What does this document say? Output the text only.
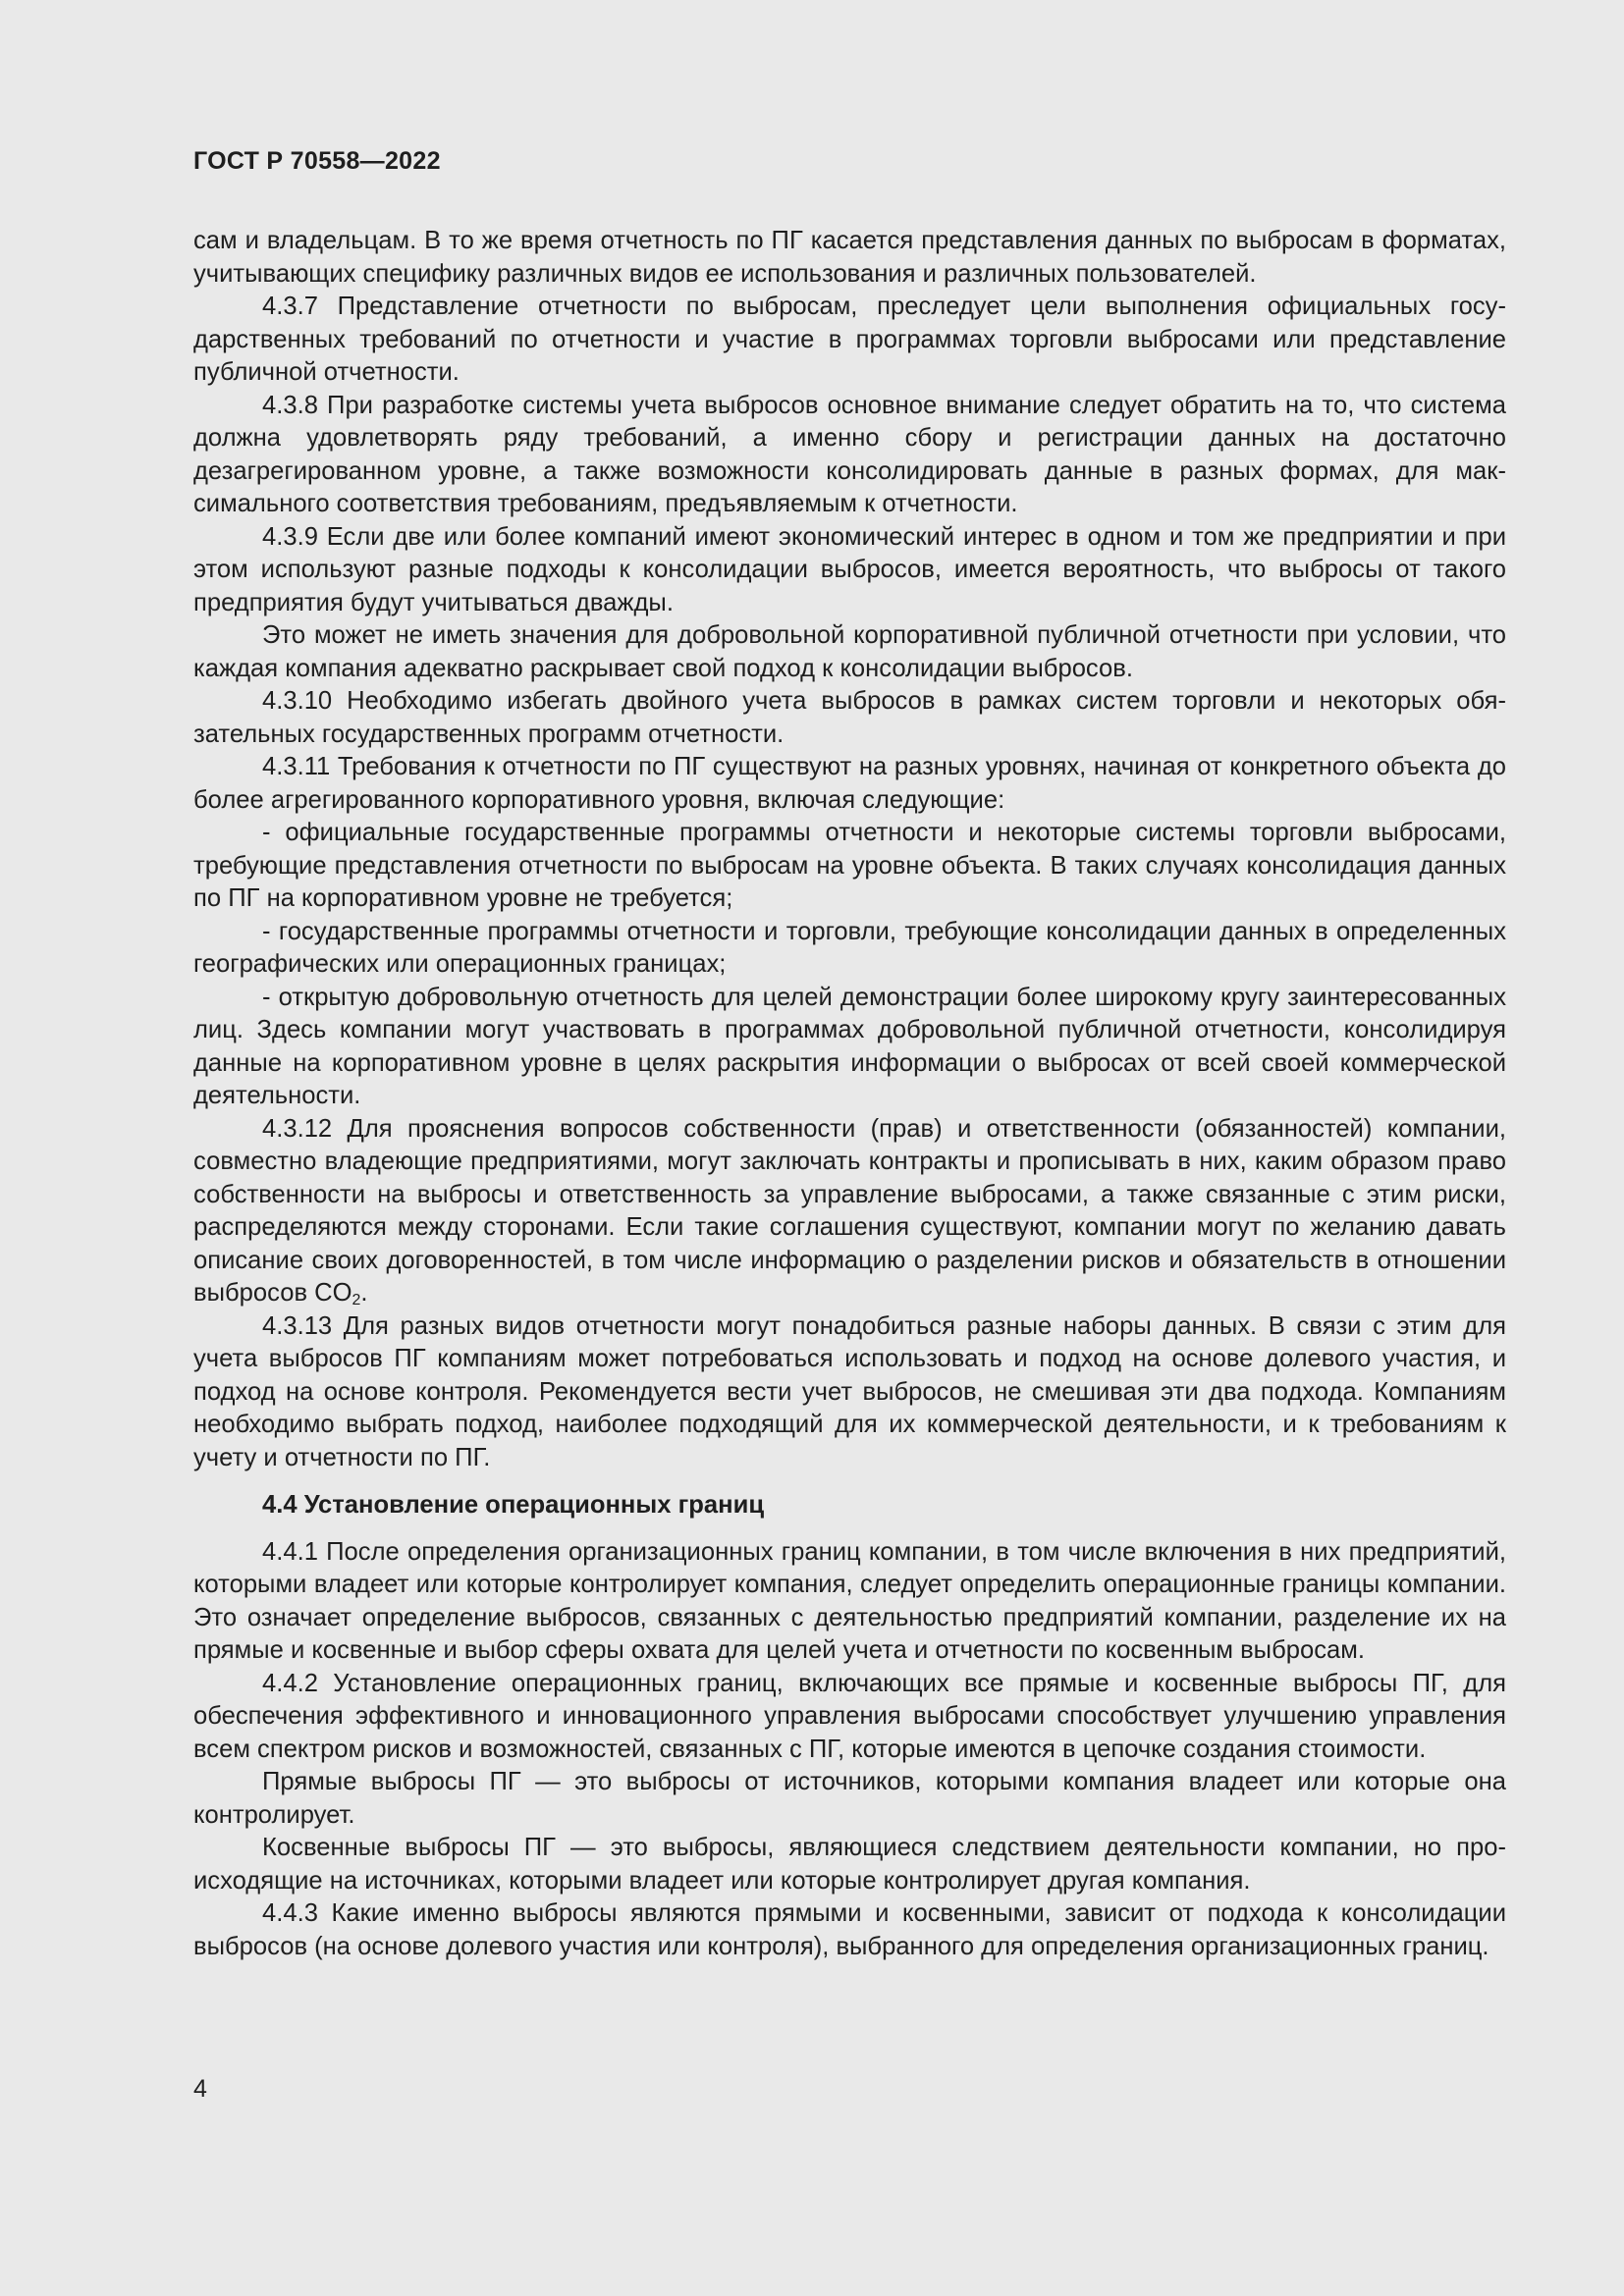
ГОСТ Р 70558—2022

сам и владельцам. В то же время отчетность по ПГ касается представления данных по выбросам в форматах, учитывающих специфику различных видов ее использования и различных пользователей.

4.3.7 Представление отчетности по выбросам, преследует цели выполнения официальных государственных требований по отчетности и участие в программах торговли выбросами или представление публичной отчетности.

4.3.8 При разработке системы учета выбросов основное внимание следует обратить на то, что система должна удовлетворять ряду требований, а именно сбору и регистрации данных на достаточно дезагрегированном уровне, а также возможности консолидировать данные в разных формах, для максимального соответствия требованиям, предъявляемым к отчетности.

4.3.9 Если две или более компаний имеют экономический интерес в одном и том же предприятии и при этом используют разные подходы к консолидации выбросов, имеется вероятность, что выбросы от такого предприятия будут учитываться дважды.

Это может не иметь значения для добровольной корпоративной публичной отчетности при условии, что каждая компания адекватно раскрывает свой подход к консолидации выбросов.

4.3.10 Необходимо избегать двойного учета выбросов в рамках систем торговли и некоторых обязательных государственных программ отчетности.

4.3.11 Требования к отчетности по ПГ существуют на разных уровнях, начиная от конкретного объекта до более агрегированного корпоративного уровня, включая следующие:

- официальные государственные программы отчетности и некоторые системы торговли выбросами, требующие представления отчетности по выбросам на уровне объекта. В таких случаях консолидация данных по ПГ на корпоративном уровне не требуется;

- государственные программы отчетности и торговли, требующие консолидации данных в определенных географических или операционных границах;

- открытую добровольную отчетность для целей демонстрации более широкому кругу заинтересованных лиц. Здесь компании могут участвовать в программах добровольной публичной отчетности, консолидируя данные на корпоративном уровне в целях раскрытия информации о выбросах от всей своей коммерческой деятельности.

4.3.12 Для прояснения вопросов собственности (прав) и ответственности (обязанностей) компании, совместно владеющие предприятиями, могут заключать контракты и прописывать в них, каким образом право собственности на выбросы и ответственность за управление выбросами, а также связанные с этим риски, распределяются между сторонами. Если такие соглашения существуют, компании могут по желанию давать описание своих договоренностей, в том числе информацию о разделении рисков и обязательств в отношении выбросов $CO_2$.

4.3.13 Для разных видов отчетности могут понадобиться разные наборы данных. В связи с этим для учета выбросов ПГ компаниям может потребоваться использовать и подход на основе долевого участия, и подход на основе контроля. Рекомендуется вести учет выбросов, не смешивая эти два подхода. Компаниям необходимо выбрать подход, наиболее подходящий для их коммерческой деятельности, и к требованиям к учету и отчетности по ПГ.

4.4 Установление операционных границ

4.4.1 После определения организационных границ компании, в том числе включения в них предприятий, которыми владеет или которые контролирует компания, следует определить операционные границы компании. Это означает определение выбросов, связанных с деятельностью предприятий компании, разделение их на прямые и косвенные и выбор сферы охвата для целей учета и отчетности по косвенным выбросам.

4.4.2 Установление операционных границ, включающих все прямые и косвенные выбросы ПГ, для обеспечения эффективного и инновационного управления выбросами способствует улучшению управления всем спектром рисков и возможностей, связанных с ПГ, которые имеются в цепочке создания стоимости.

Прямые выбросы ПГ — это выбросы от источников, которыми компания владеет или которые она контролирует.

Косвенные выбросы ПГ — это выбросы, являющиеся следствием деятельности компании, но происходящие на источниках, которыми владеет или которые контролирует другая компания.

4.4.3 Какие именно выбросы являются прямыми и косвенными, зависит от подхода к консолидации выбросов (на основе долевого участия или контроля), выбранного для определения организационных границ.

4
